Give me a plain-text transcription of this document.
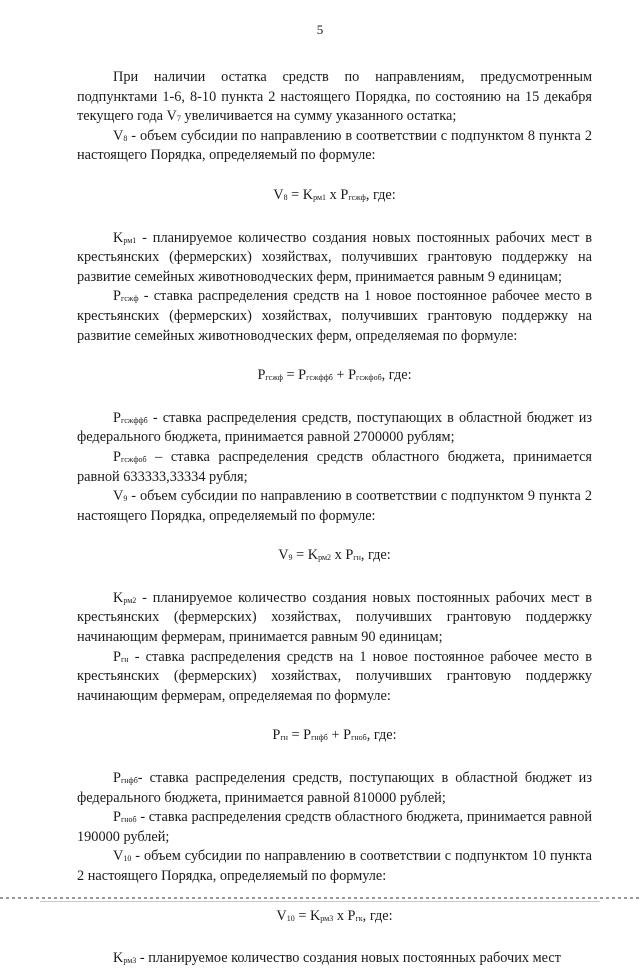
5

При наличии остатка средств по направлениям, предусмотренным подпунктами 1-6, 8-10 пункта 2 настоящего Порядка, по состоянию на 15 декабря текущего года $V_7$ увеличивается на сумму указанного остатка;

$V_8$ - объем субсидии по направлению в соответствии с подпунктом 8 пункта 2 настоящего Порядка, определяемый по формуле:

$V_8 = K_{рм1}$ x $P_{гсжф}$, где:

$K_{рм1}$ - планируемое количество создания новых постоянных рабочих мест в крестьянских (фермерских) хозяйствах, получивших грантовую поддержку на развитие семейных животноводческих ферм, принимается равным 9 единицам;

$P_{гсжф}$ - ставка распределения средств на 1 новое постоянное рабочее место в крестьянских (фермерских) хозяйствах, получивших грантовую поддержку на развитие семейных животноводческих ферм, определяемая по формуле:

$P_{гсжф} = P_{гсжффб} + P_{гсжфоб}$, где:

$P_{гсжффб}$ - ставка распределения средств, поступающих в областной бюджет из федерального бюджета, принимается равной 2700000 рублям;

$P_{гсжфоб}$ – ставка распределения средств областного бюджета, принимается равной 633333,33334 рубля;

$V_9$ - объем субсидии по направлению в соответствии с подпунктом 9 пункта 2 настоящего Порядка, определяемый по формуле:

$V_9 = K_{рм2}$ x $P_{гн}$, где:

$K_{рм2}$ - планируемое количество создания новых постоянных рабочих мест в крестьянских (фермерских) хозяйствах, получивших грантовую поддержку начинающим фермерам, принимается равным 90 единицам;

$P_{гн}$ - ставка распределения средств на 1 новое постоянное рабочее место в крестьянских (фермерских) хозяйствах, получивших грантовую поддержку начинающим фермерам, определяемая по формуле:

$P_{гн} = P_{гнфб} + P_{гноб}$, где:

$P_{гнфб}-$ ставка распределения средств, поступающих в областной бюджет из федерального бюджета, принимается равной 810000 рублей;

$P_{гноб}$ - ставка распределения средств областного бюджета, принимается равной 190000 рублей;

$V_{10}$ - объем субсидии по направлению в соответствии с подпунктом 10 пункта 2 настоящего Порядка, определяемый по формуле:

$V_{10} = K_{рм3}$ x $P_{гк}$, где:

$K_{рм3}$ - планируемое количество создания новых постоянных рабочих мест
